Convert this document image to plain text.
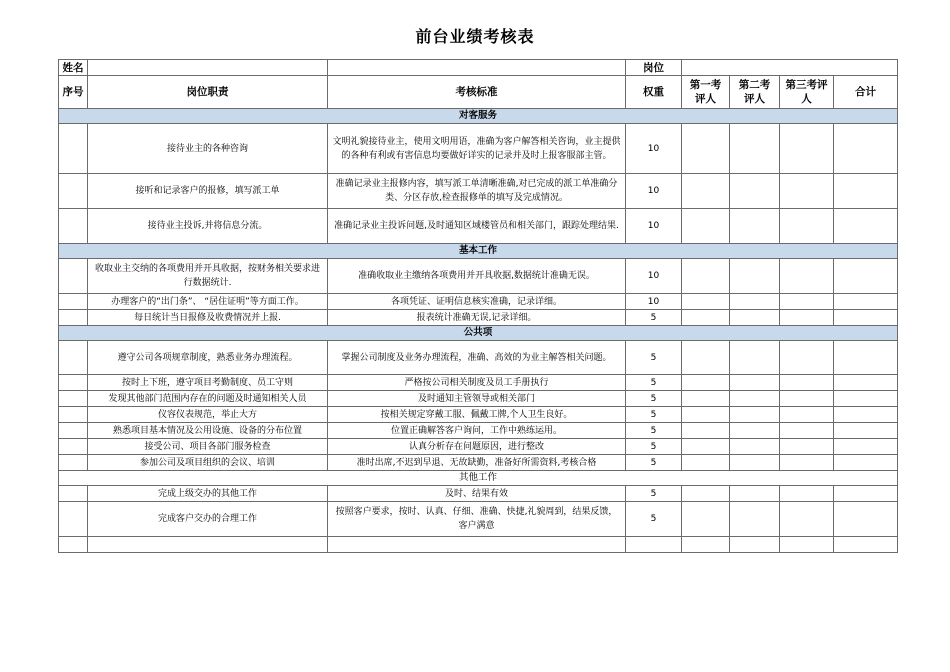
前台业绩考核表
姓名			岗位				
序号	岗位职责	考核标准	权重	第一考评人	第二考评人	第三考评人	合计
对客服务							
	接待业主的各种咨询	文明礼貌接待业主，使用文明用语，准确为客户解答相关咨询，业主提供的各种有利或有害信息均要做好详实的记录并及时上报客服部主管。	10				
	接听和记录客户的报修，填写派工单	准确记录业主报修内容，填写派工单清晰准确,对已完成的派工单准确分类、分区存放,检查报修单的填写及完成情况。	10				
	接待业主投诉,并将信息分流。	准确记录业主投诉问题,及时通知区域楼管员和相关部门，跟踪处理结果.	10				
基本工作							
	收取业主交纳的各项费用并开具收据，按财务相关要求进行数据统计.	准确收取业主缴纳各项费用并开具收据,数据统计准确无误。	10				
	办理客户的“出门条”、 “居住证明”等方面工作。	各项凭证、证明信息核实准确，记录详细。	10				
	每日统计当日报修及收费情况并上报.	报表统计准确无误,记录详细。	5				
公共项							
	遵守公司各项规章制度，熟悉业务办理流程。	掌握公司制度及业务办理流程，准确、高效的为业主解答相关问题。	5				
	按时上下班，遵守项目考勤制度、员工守则	严格按公司相关制度及员工手册执行	5				
	发现其他部门范围内存在的问题及时通知相关人员	及时通知主管领导或相关部门	5				
	仪容仪表规范，举止大方	按相关规定穿戴工服、佩戴工牌,个人卫生良好。	5				
	熟悉项目基本情况及公用设施、设备的分布位置	位置正确解答客户询问，工作中熟练运用。	5				
	接受公司、项目各部门服务检查	认真分析存在问题原因，进行整改	5				
	参加公司及项目组织的会议、培训	准时出席,不迟到早退、无故缺勤，准备好所需资料,考核合格	5				
其他工作							
	完成上级交办的其他工作	及时、结果有效	5				
	完成客户交办的合理工作	按照客户要求，按时、认真、仔细、准确、快捷,礼貌周到，结果反馈，客户满意	5				
